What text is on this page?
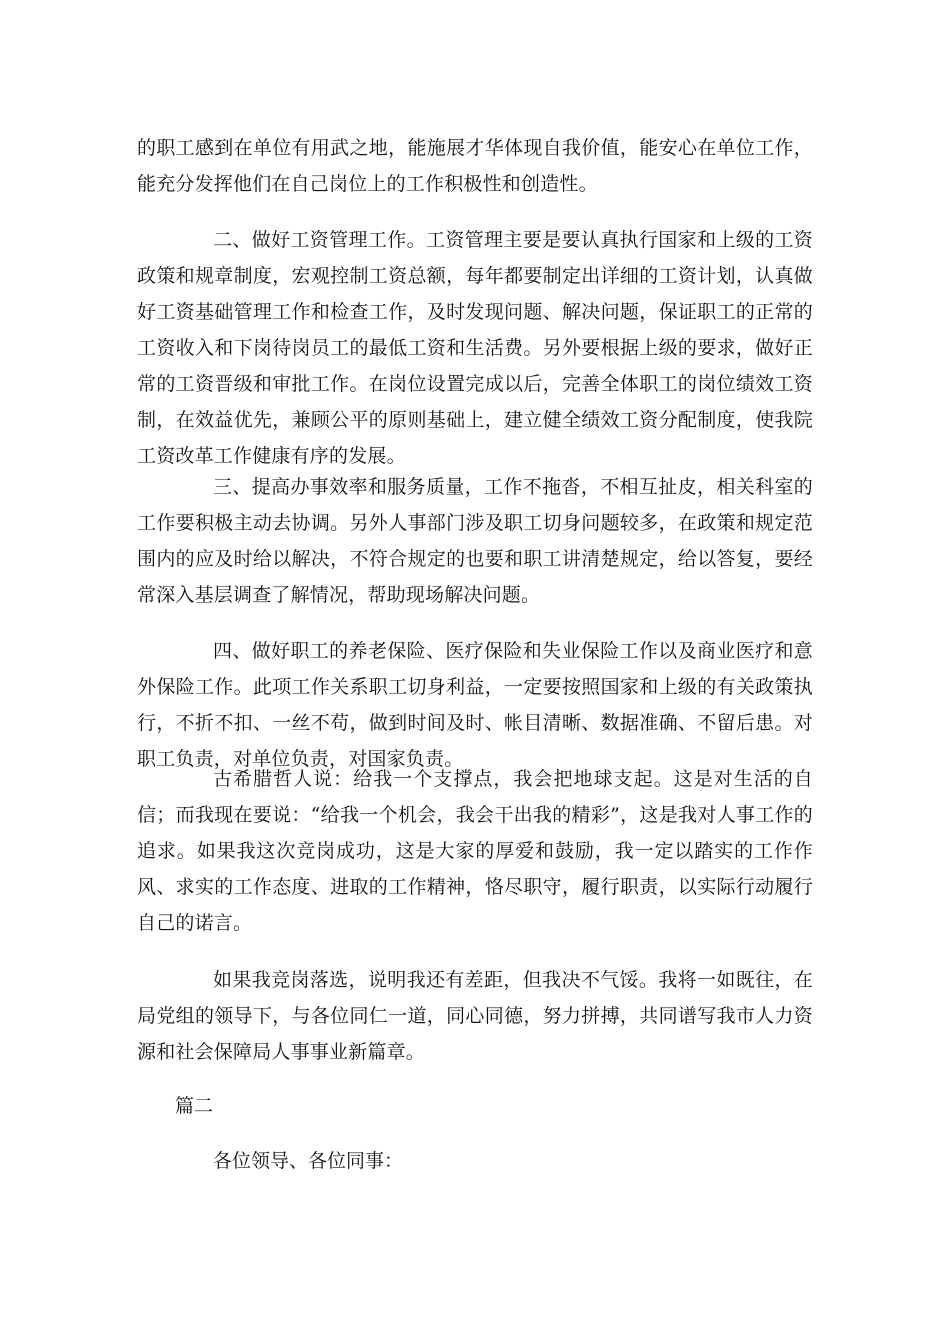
的职工感到在单位有用武之地，能施展才华体现自我价值，能安心在单位工作，能充分发挥他们在自己岗位上的工作积极性和创造性。

二、做好工资管理工作。工资管理主要是要认真执行国家和上级的工资政策和规章制度，宏观控制工资总额，每年都要制定出详细的工资计划，认真做好工资基础管理工作和检查工作，及时发现问题、解决问题，保证职工的正常的工资收入和下岗待岗员工的最低工资和生活费。另外要根据上级的要求，做好正常的工资晋级和审批工作。在岗位设置完成以后，完善全体职工的岗位绩效工资制，在效益优先，兼顾公平的原则基础上，建立健全绩效工资分配制度，使我院工资改革工作健康有序的发展。

三、提高办事效率和服务质量，工作不拖沓，不相互扯皮，相关科室的工作要积极主动去协调。另外人事部门涉及职工切身问题较多，在政策和规定范围内的应及时给以解决，不符合规定的也要和职工讲清楚规定，给以答复，要经常深入基层调查了解情况，帮助现场解决问题。

四、做好职工的养老保险、医疗保险和失业保险工作以及商业医疗和意外保险工作。此项工作关系职工切身利益，一定要按照国家和上级的有关政策执行，不折不扣、一丝不苟，做到时间及时、帐目清晰、数据准确、不留后患。对职工负责，对单位负责，对国家负责。

古希腊哲人说：给我一个支撑点，我会把地球支起。这是对生活的自信；而我现在要说：“给我一个机会，我会干出我的精彩”，这是我对人事工作的追求。如果我这次竞岗成功，这是大家的厚爱和鼓励，我一定以踏实的工作作风、求实的工作态度、进取的工作精神，恪尽职守，履行职责，以实际行动履行自己的诺言。

如果我竞岗落选，说明我还有差距，但我决不气馁。我将一如既往，在局党组的领导下，与各位同仁一道，同心同德，努力拼搏，共同谱写我市人力资源和社会保障局人事事业新篇章。

篇二

各位领导、各位同事：
